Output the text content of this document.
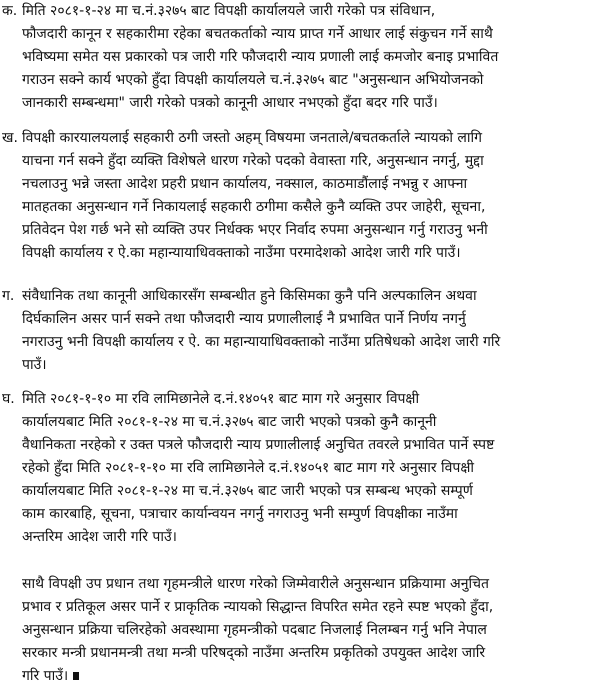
क. मिति २०८१-१-२४ मा च.नं.३२७५ बाट विपक्षी कार्यालयले जारी गरेको पत्र संविधान,
फौजदारी कानून र सहकारीमा रहेका बचतकर्ताको न्याय प्राप्त गर्ने आधार लाई संकुचन गर्ने साथै
भविष्यमा समेत यस प्रकारको पत्र जारी गरि फौजदारी न्याय प्रणाली लाई कमजोर बनाइ प्रभावित
गराउन सक्ने कार्य भएको हुँदा विपक्षी कार्यालयले च.नं.३२७५ बाट "अनुसन्धान अभियोजनको
जानकारी सम्बन्धमा" जारी गरेको पत्रको कानूनी आधार नभएको हुँदा बदर गरि पाउँ।
ख. विपक्षी कारयालयलाई सहकारी ठगी जस्तो अहम् विषयमा जनताले/बचतकर्ताले न्यायको लागि
याचना गर्न सक्ने हुँदा व्यक्ति विशेषले धारण गरेको पदको वेवास्ता गरि, अनुसन्धान नगर्नु, मुद्दा
नचलाउनु भन्ने जस्ता आदेश प्रहरी प्रधान कार्यालय, नक्साल, काठमाडौंलाई नभन्नु र आफ्ना
मातहतका अनुसन्धान गर्ने निकायलाई सहकारी ठगीमा कसैले कुनै व्यक्ति उपर जाहेरी, सूचना,
प्रतिवेदन पेश गर्छ भने सो व्यक्ति उपर निर्धक्क भएर निर्वाद रुपमा अनुसन्धान गर्नु गराउनु भनी
विपक्षी कार्यालय र ऐ.का महान्यायाधिवक्ताको नाउँमा परमादेशको आदेश जारी गरि पाउँ।
ग. संवैधानिक तथा कानूनी आधिकारसँग सम्बन्धीत हुने किसिमका कुनै पनि अल्पकालिन अथवा
दिर्घकालिन असर पार्न सक्ने तथा फौजदारी न्याय प्रणालीलाई नै प्रभावित पार्ने निर्णय नगर्नु
नगराउनु भनी विपक्षी कार्यालय र ऐ. का महान्यायाधिवक्ताको नाउँमा प्रतिषेधको आदेश जारी गरि
पाउँ।
घ. मिति २०८१-१-१० मा रवि लामिछानेले द.नं.१४०५१ बाट माग गरे अनुसार विपक्षी
कार्यालयबाट मिति २०८१-१-२४ मा च.नं.३२७५ बाट जारी भएको पत्रको कुनै कानूनी
वैधानिकता नरहेको र उक्त पत्रले फौजदारी न्याय प्रणालीलाई अनुचित तवरले प्रभावित पार्ने स्पष्ट
रहेको हुँदा मिति २०८१-१-१० मा रवि लामिछानेले द.नं.१४०५१ बाट माग गरे अनुसार विपक्षी
कार्यालयबाट मिति २०८१-१-२४ मा च.नं.३२७५ बाट जारी भएको पत्र सम्बन्ध भएको सम्पूर्ण
काम कारबाहि, सूचना, पत्राचार कार्यान्वयन नगर्नु नगराउनु भनी सम्पुर्ण विपक्षीका नाउँमा
अन्तरिम आदेश जारी गरि पाउँ।
साथै विपक्षी उप प्रधान तथा गृहमन्त्रीले धारण गरेको जिम्मेवारीले अनुसन्धान प्रक्रियामा अनुचित
प्रभाव र प्रतिकूल असर पार्ने र प्राकृतिक न्यायको सिद्धान्त विपरित समेत रहने स्पष्ट भएको हुँदा,
अनुसन्धान प्रक्रिया चलिरहेको अवस्थामा गृहमन्त्रीको पदबाट निजलाई निलम्बन गर्नु भनि नेपाल
सरकार मन्त्री प्रधानमन्त्री तथा मन्त्री परिषद्को नाउँमा अन्तरिम प्रकृतिको उपयुक्त आदेश जारि
गरि पाउँ।
